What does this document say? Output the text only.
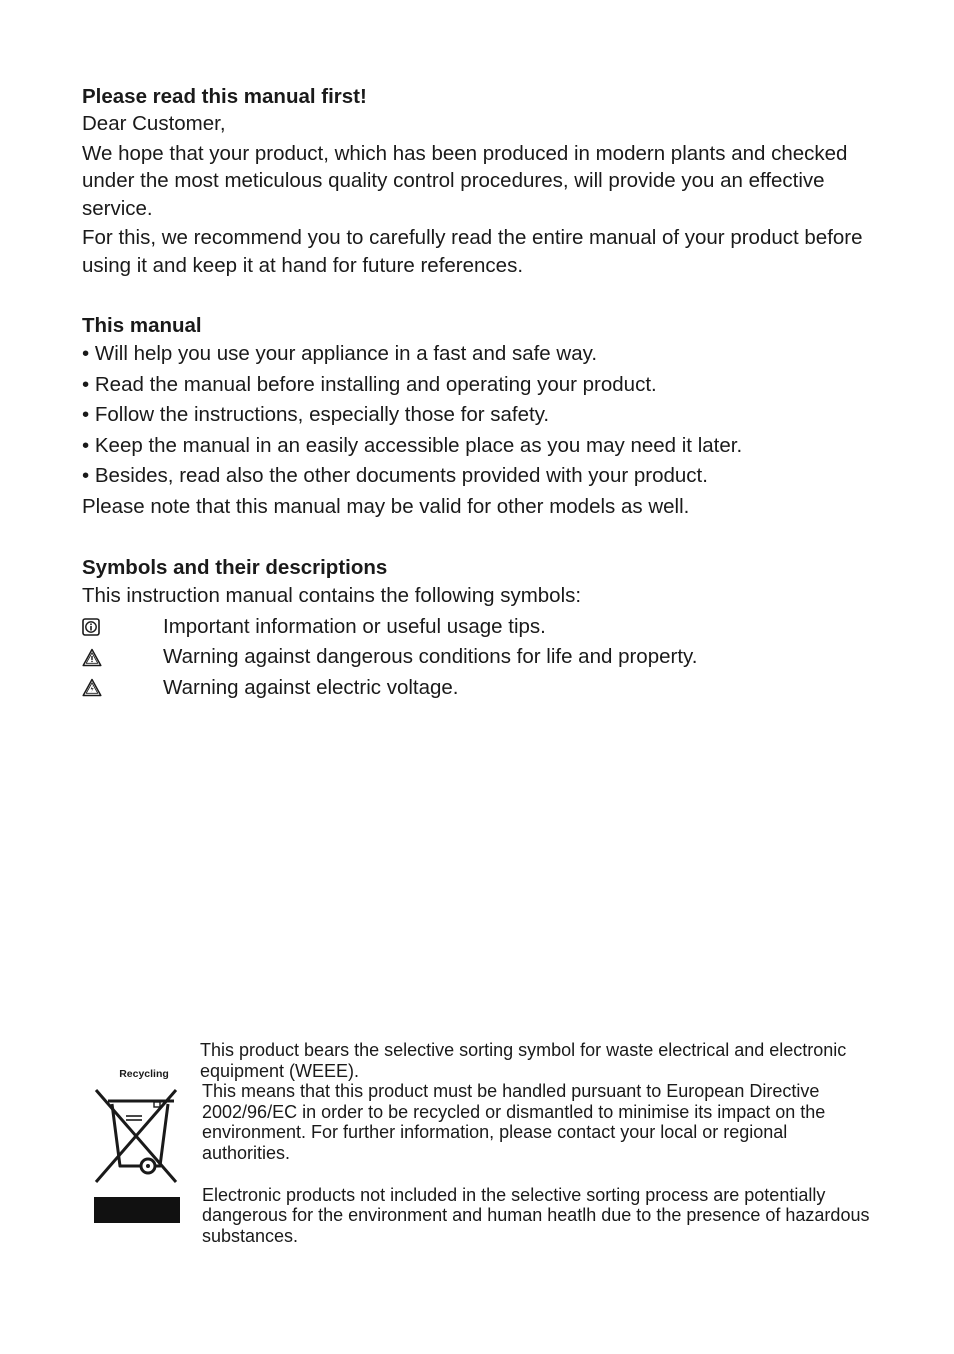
Please read this manual first!

Dear Customer,

We hope that your product, which has been produced in modern plants and checked under the most meticulous quality control procedures, will provide you an effective service.

For this, we recommend you to carefully read the entire manual of your product before using it and keep it at hand for future references.

This manual

• Will help you use your appliance in a fast and safe way.

• Read the manual before installing and operating your product.

• Follow the instructions, especially those for safety.

• Keep the manual in an easily accessible place as you may need it later.

• Besides, read also the other documents provided with your product.

Please note that this manual may be valid for other models as well.

Symbols and their descriptions

This instruction manual contains the following symbols:

Important information or useful usage tips.
Warning against dangerous conditions for life and property.
Warning against electric voltage.
Recycling

This product bears the selective sorting symbol for waste electrical and electronic equipment (WEEE).

This means that this product must be handled pursuant to European Directive 2002/96/EC in order to be recycled or dismantled to minimise its impact on the environment. For further information, please contact your local or regional authorities.

Electronic products not included in the selective sorting process are potentially dangerous for the environment and human heatlh due to the presence of hazardous substances.
